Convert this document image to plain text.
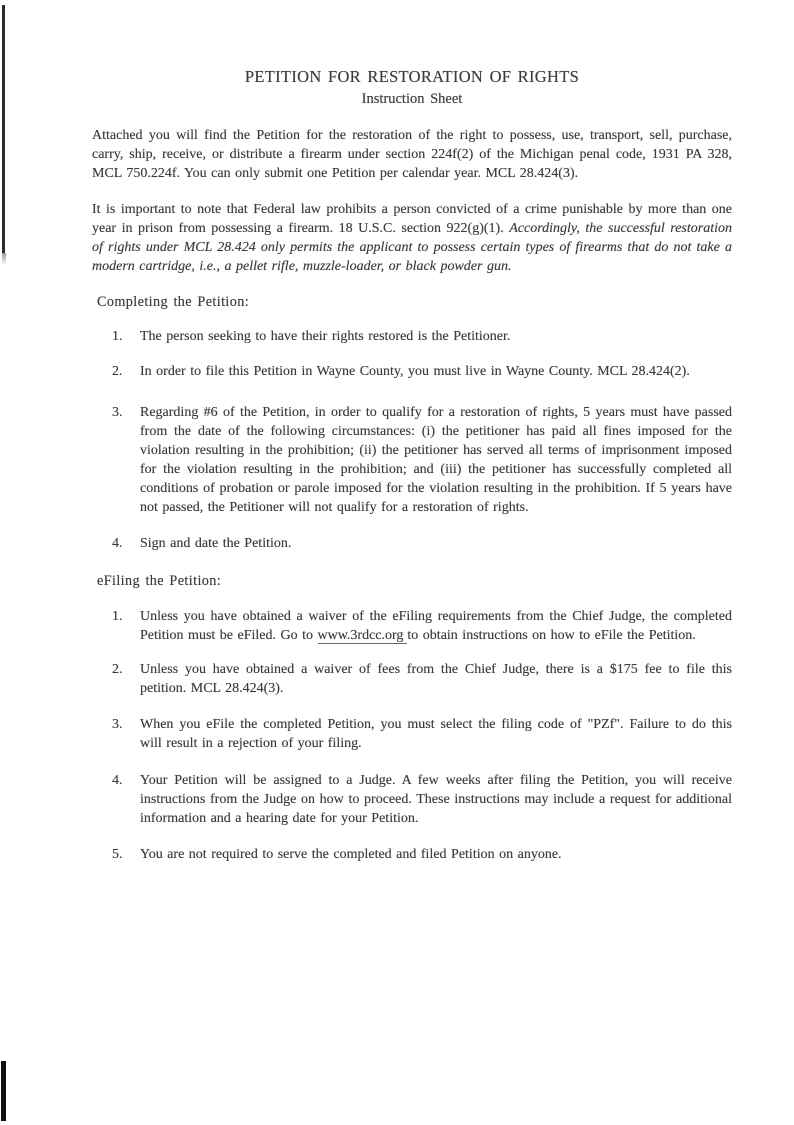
PETITION FOR RESTORATION OF RIGHTS
Instruction Sheet

Attached you will find the Petition for the restoration of the right to possess, use, transport, sell, purchase, carry, ship, receive, or distribute a firearm under section 224f(2) of the Michigan penal code, 1931 PA 328, MCL 750.224f. You can only submit one Petition per calendar year. MCL 28.424(3).

It is important to note that Federal law prohibits a person convicted of a crime punishable by more than one year in prison from possessing a firearm. 18 U.S.C. section 922(g)(1). Accordingly, the successful restoration of rights under MCL 28.424 only permits the applicant to possess certain types of firearms that do not take a modern cartridge, i.e., a pellet rifle, muzzle-loader, or black powder gun.

Completing the Petition:
1.	The person seeking to have their rights restored is the Petitioner.
2.	In order to file this Petition in Wayne County, you must live in Wayne County. MCL 28.424(2).
3.	Regarding #6 of the Petition, in order to qualify for a restoration of rights, 5 years must have passed from the date of the following circumstances: (i) the petitioner has paid all fines imposed for the violation resulting in the prohibition; (ii) the petitioner has served all terms of imprisonment imposed for the violation resulting in the prohibition; and (iii) the petitioner has successfully completed all conditions of probation or parole imposed for the violation resulting in the prohibition. If 5 years have not passed, the Petitioner will not qualify for a restoration of rights.
4.	Sign and date the Petition.
eFiling the Petition:
1.	Unless you have obtained a waiver of the eFiling requirements from the Chief Judge, the completed Petition must be eFiled. Go to www.3rdcc.org to obtain instructions on how to eFile the Petition.
2.	Unless you have obtained a waiver of fees from the Chief Judge, there is a $175 fee to file this petition. MCL 28.424(3).
3.	When you eFile the completed Petition, you must select the filing code of "PZf". Failure to do this will result in a rejection of your filing.
4.	Your Petition will be assigned to a Judge. A few weeks after filing the Petition, you will receive instructions from the Judge on how to proceed. These instructions may include a request for additional information and a hearing date for your Petition.
5.	You are not required to serve the completed and filed Petition on anyone.
